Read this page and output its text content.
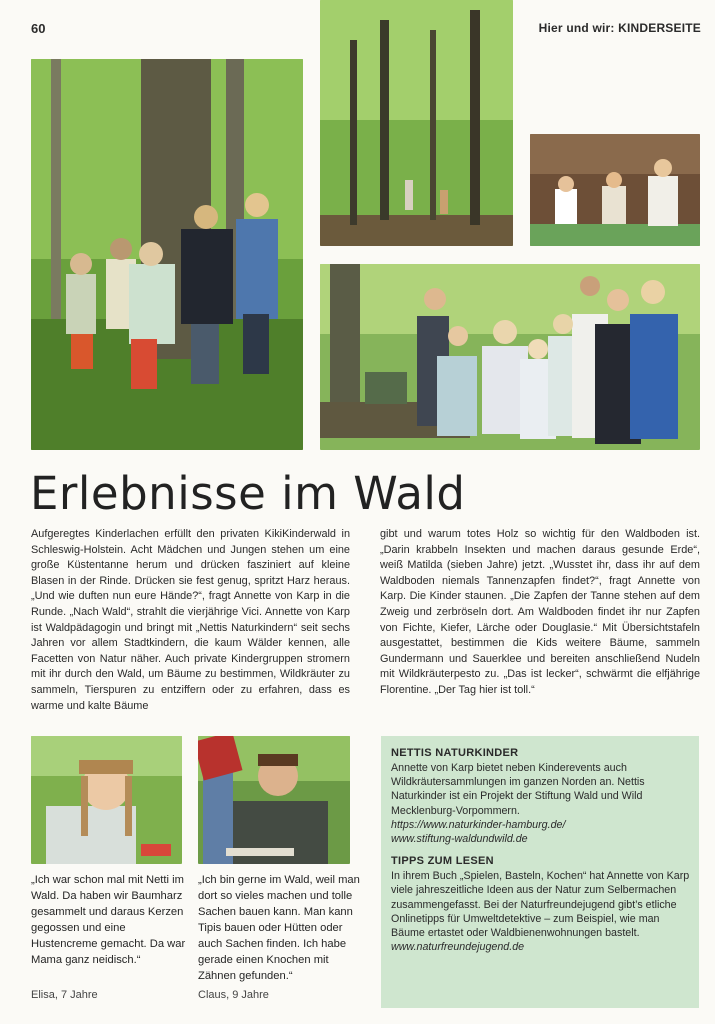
60	Hier und wir: KINDERSEITE
Erlebnisse im Wald

Aufgeregtes Kinderlachen erfüllt den privaten KikiKinderwald in Schleswig-Holstein. Acht Mädchen und Jungen stehen um eine große Küstentanne herum und drücken fasziniert auf kleine Blasen in der Rinde. Drücken sie fest genug, spritzt Harz heraus. „Und wie duften nun eure Hände?“, fragt Annette von Karp in die Runde. „Nach Wald“, strahlt die vierjährige Vici. Annette von Karp ist Waldpädagogin und bringt mit „Nettis Naturkindern“ seit sechs Jahren vor allem Stadtkindern, die kaum Wälder kennen, alle Facetten von Natur näher. Auch private Kindergruppen stromern mit ihr durch den Wald, um Bäume zu bestimmen, Wildkräuter zu sammeln, Tierspuren zu entziffern oder zu erfahren, dass es warme und kalte Bäume

gibt und warum totes Holz so wichtig für den Waldboden ist. „Darin krabbeln Insekten und machen daraus gesunde Erde“, weiß Matilda (sieben Jahre) jetzt. „Wusstet ihr, dass ihr auf dem Waldboden niemals Tannenzapfen findet?“, fragt Annette von Karp. Die Kinder staunen. „Die Zapfen der Tanne stehen auf dem Zweig und zerbröseln dort. Am Waldboden findet ihr nur Zapfen von Fichte, Kiefer, Lärche oder Douglasie.“ Mit Übersichtstafeln ausgestattet, bestimmen die Kids weitere Bäume, sammeln Gundermann und Sauerklee und bereiten anschließend Nudeln mit Wildkräuterpesto zu. „Das ist lecker“, schwärmt die elfjährige Florentine. „Der Tag hier ist toll.“

„Ich war schon mal mit Netti im Wald. Da haben wir Baumharz gesammelt und daraus Kerzen gegossen und eine Hustencreme gemacht. Da war Mama ganz neidisch.“

„Ich bin gerne im Wald, weil man dort so vieles machen und tolle Sachen bauen kann. Man kann Tipis bauen oder Hütten oder auch Sachen finden. Ich habe gerade einen Knochen mit Zähnen gefunden.“

Elisa, 7 Jahre	Claus, 9 Jahre

NETTIS NATURKINDER

Annette von Karp bietet neben Kinderevents auch Wildkräutersammlungen im ganzen Norden an. Nettis Naturkinder ist ein Projekt der Stiftung Wald und Wild Mecklenburg-Vorpommern.

https://www.naturkinder-hamburg.de/

www.stiftung-waldundwild.de

TIPPS ZUM LESEN

In ihrem Buch „Spielen, Basteln, Kochen“ hat Annette von Karp viele jahreszeitliche Ideen aus der Natur zum Selbermachen zusammengefasst. Bei der Naturfreundejugend gibt’s etliche Onlinetipps für Umweltdetektive – zum Beispiel, wie man Bäume ertastet oder Waldbienenwohnungen bastelt.

www.naturfreundejugend.de
